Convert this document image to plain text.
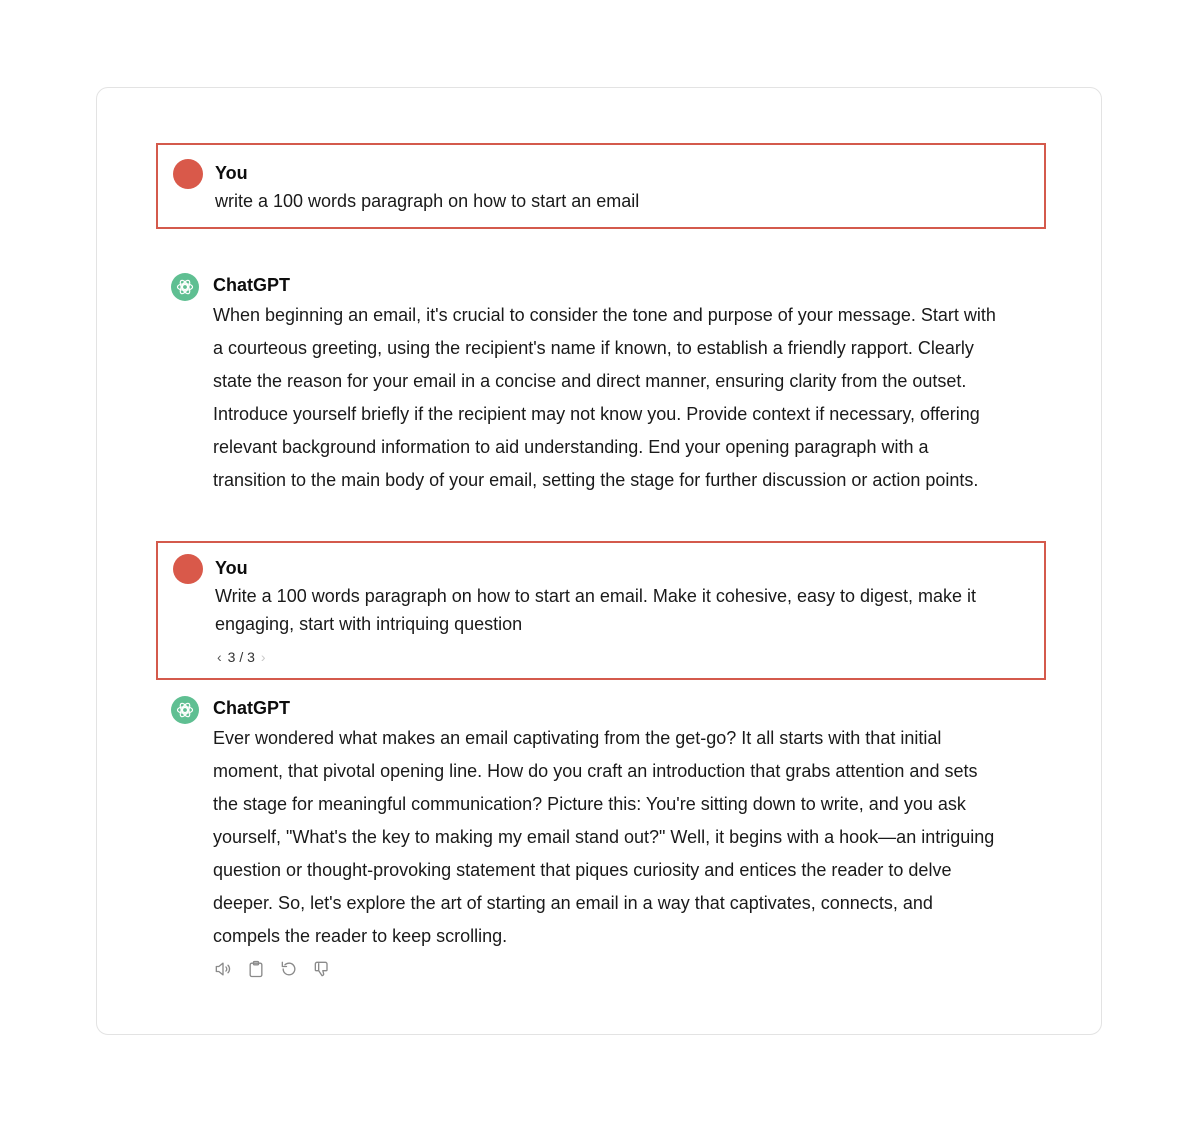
You
write a 100 words paragraph on how to start an email
ChatGPT
When beginning an email, it's crucial to consider the tone and purpose of your message. Start with
a courteous greeting, using the recipient's name if known, to establish a friendly rapport. Clearly
state the reason for your email in a concise and direct manner, ensuring clarity from the outset.
Introduce yourself briefly if the recipient may not know you. Provide context if necessary, offering
relevant background information to aid understanding. End your opening paragraph with a
transition to the main body of your email, setting the stage for further discussion or action points.
You
Write a 100 words paragraph on how to start an email. Make it cohesive, easy to digest, make it
engaging, start with intriquing question
‹ 3 / 3 ›
ChatGPT
Ever wondered what makes an email captivating from the get-go? It all starts with that initial
moment, that pivotal opening line. How do you craft an introduction that grabs attention and sets
the stage for meaningful communication? Picture this: You're sitting down to write, and you ask
yourself, "What's the key to making my email stand out?" Well, it begins with a hook—an intriguing
question or thought-provoking statement that piques curiosity and entices the reader to delve
deeper. So, let's explore the art of starting an email in a way that captivates, connects, and
compels the reader to keep scrolling.
